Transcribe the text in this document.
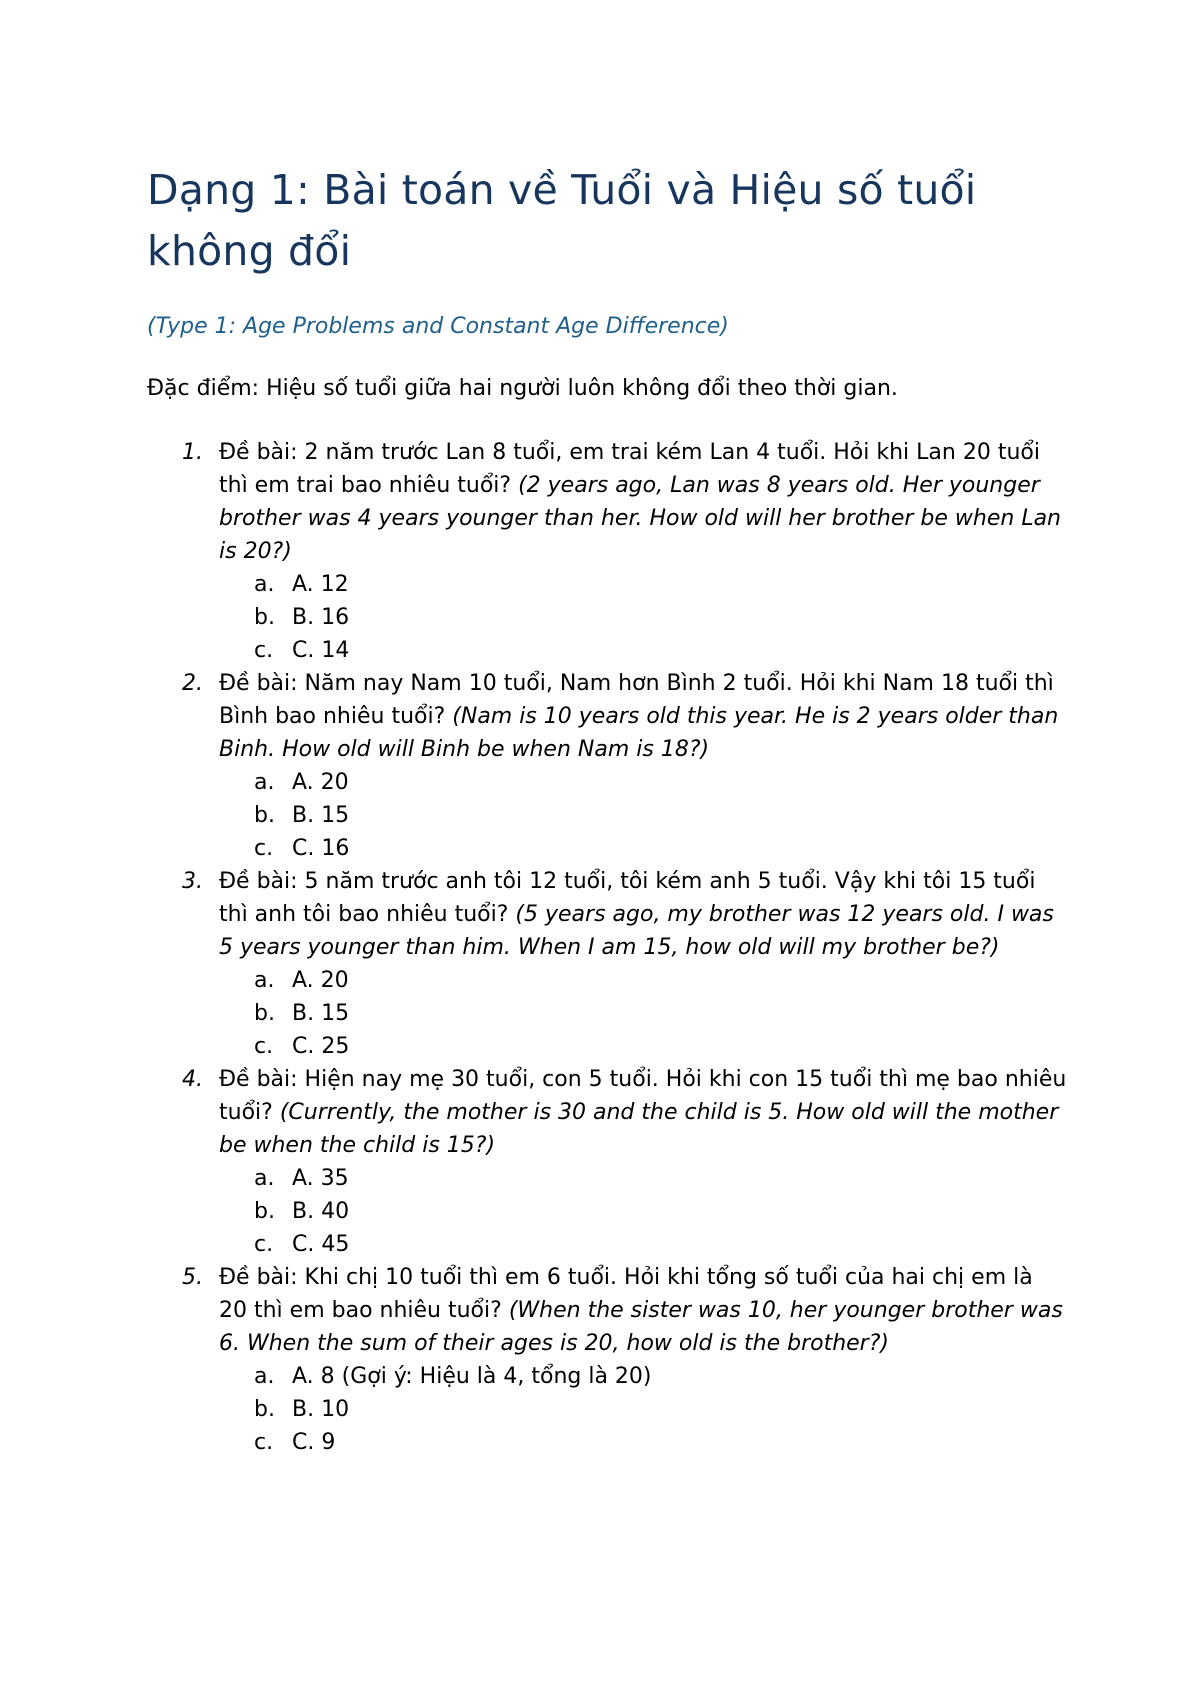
Dạng 1: Bài toán về Tuổi và Hiệu số tuổi không đổi

(Type 1: Age Problems and Constant Age Difference)

Đặc điểm: Hiệu số tuổi giữa hai người luôn không đổi theo thời gian.

1. Đề bài: 2 năm trước Lan 8 tuổi, em trai kém Lan 4 tuổi. Hỏi khi Lan 20 tuổi thì em trai bao nhiêu tuổi? (2 years ago, Lan was 8 years old. Her younger brother was 4 years younger than her. How old will her brother be when Lan is 20?)
a. A. 12
b. B. 16
c. C. 14
2. Đề bài: Năm nay Nam 10 tuổi, Nam hơn Bình 2 tuổi. Hỏi khi Nam 18 tuổi thì Bình bao nhiêu tuổi? (Nam is 10 years old this year. He is 2 years older than Binh. How old will Binh be when Nam is 18?)
a. A. 20
b. B. 15
c. C. 16
3. Đề bài: 5 năm trước anh tôi 12 tuổi, tôi kém anh 5 tuổi. Vậy khi tôi 15 tuổi thì anh tôi bao nhiêu tuổi? (5 years ago, my brother was 12 years old. I was 5 years younger than him. When I am 15, how old will my brother be?)
a. A. 20
b. B. 15
c. C. 25
4. Đề bài: Hiện nay mẹ 30 tuổi, con 5 tuổi. Hỏi khi con 15 tuổi thì mẹ bao nhiêu tuổi? (Currently, the mother is 30 and the child is 5. How old will the mother be when the child is 15?)
a. A. 35
b. B. 40
c. C. 45
5. Đề bài: Khi chị 10 tuổi thì em 6 tuổi. Hỏi khi tổng số tuổi của hai chị em là 20 thì em bao nhiêu tuổi? (When the sister was 10, her younger brother was 6. When the sum of their ages is 20, how old is the brother?)
a. A. 8 (Gợi ý: Hiệu là 4, tổng là 20)
b. B. 10
c. C. 9
